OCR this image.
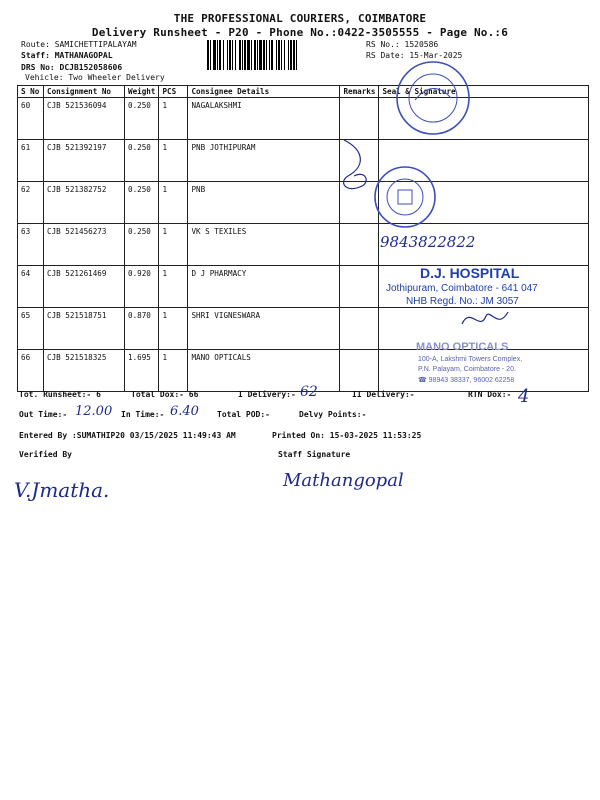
THE PROFESSIONAL COURIERS, COIMBATORE
Delivery Runsheet - P20 - Phone No.:0422-3505555 - Page No.:6
Route: SAMICHETTIPALAYAM
Staff: MATHANAGOPAL
DRS No: DCJB152058606
Vehicle: Two Wheeler Delivery
RS No.: 1520586
RS Date: 15-Mar-2025
S No	Consignment No	Weight	PCS	Consignee Details	Remarks	Seal & Signature
60	CJB 521536094	0.250	1	NAGALAKSHMI		
61	CJB 521392197	0.250	1	PNB JOTHIPURAM		
62	CJB 521382752	0.250	1	PNB		
63	CJB 521456273	0.250	1	VK S TEXILES		
64	CJB 521261469	0.920	1	D J PHARMACY		
65	CJB 521518751	0.870	1	SHRI VIGNESWARA		
66	CJB 521518325	1.695	1	MANO OPTICALS		
9843822822
D.J. HOSPITAL
Jothipuram, Coimbatore - 641 047
NHB Regd. No.: JM 3057
MANO OPTICALS
100-A, Lakshmi Towers Complex,
P.N. Palayam, Coimbatore - 20.
☎ 98943 38337, 96002 62258
Tot. Runsheet:- 6	Total Dox:- 66	I Delivery:- 62	II Delivery:-	RTN Dox:- 4
Out Time:- 12.00 In Time:- 6.40 Total POD:-	Delvy Points:-
Entered By :SUMATHIP20 03/15/2025 11:49:43 AM	Printed On: 15-03-2025 11:53:25
Verified By	Staff Signature
V.Jmatha.	Mathangopal
